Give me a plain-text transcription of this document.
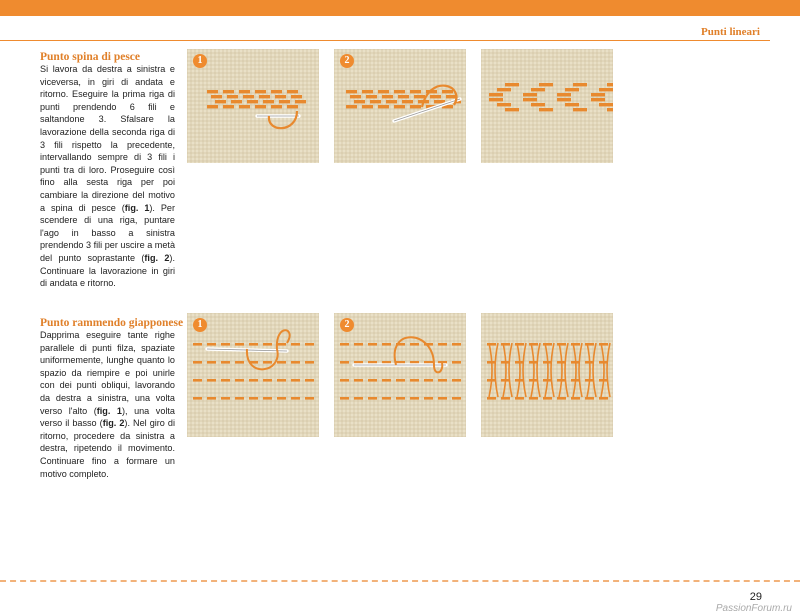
Punti lineari
Punto spina di pesce

Si lavora da destra a sinistra e viceversa, in giri di andata e ritorno. Eseguire la prima riga di punti prendendo 6 fili e saltandone 3. Sfalsare la lavorazione della seconda riga di 3 fili rispetto la precedente, intervallando sempre di 3 fili i punti tra di loro. Proseguire così fino alla sesta riga per poi cambiare la direzione del motivo a spina di pesce (fig. 1). Per scendere di una riga, puntare l'ago in basso a sinistra prendendo 3 fili per uscire a metà del punto soprastante (fig. 2). Continuare la lavorazione in giri di andata e ritorno.

1	2
Punto rammendo giapponese

Dapprima eseguire tante righe parallele di punti filza, spaziate uniformemente, lunghe quanto lo spazio da riempire e poi unirle con dei punti obliqui, lavorando da destra a sinistra, una volta verso l'alto (fig. 1), una volta verso il basso (fig. 2). Nel giro di ritorno, procedere da sinistra a destra, ripetendo il movimento. Continuare fino a formare un motivo completo.

1	2
29
PassionForum.ru
